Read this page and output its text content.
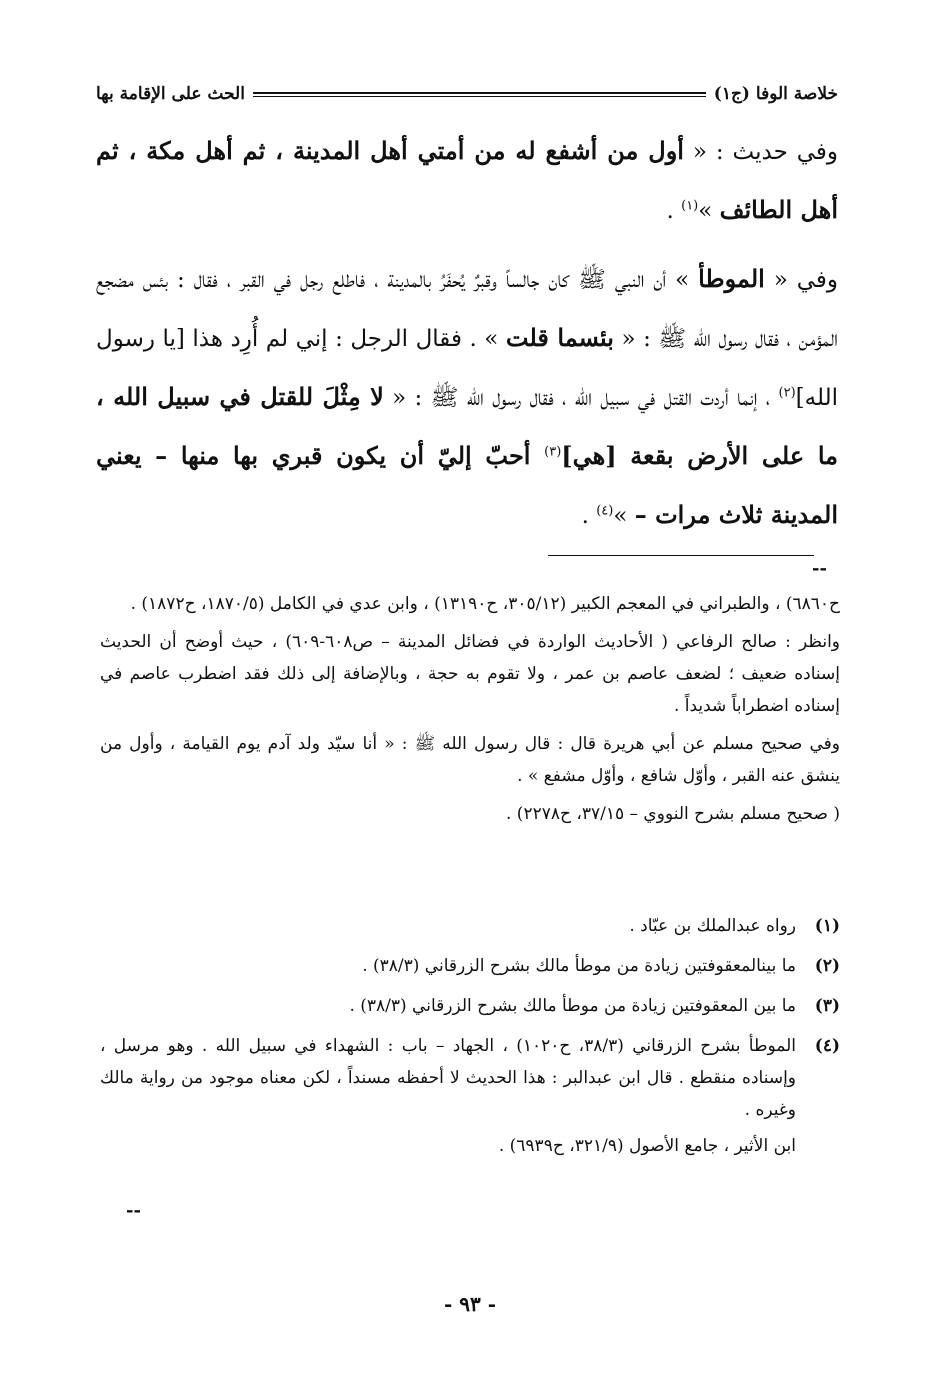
خلاصة الوفا (ج١)
الحث على الإقامة بها

وفي حديث : « أول من أشفع له من أمتي أهل المدينة ، ثم أهل مكة ، ثم أهل الطائف »$^{(١)}$ .

وفي « الموطأ » أن النبي ﷺ كان جالساً وقبرٌ يُحفَرُ بالمدينة ، فاطلع رجل في القبر ، فقال : بئس مضجع المؤمن ، فقال رسول الله ﷺ : « بئسما قلت » . فقال الرجل : إني لم أُرِد هذا [يا رسول الله]$^{(٢)}$ ، إنما أردت القتل في سبيل الله ، فقال رسول الله ﷺ : « لا مِثْلَ للقتل في سبيل الله ، ما على الأرض بقعة [هي]$^{(٣)}$ أحبّ إليّ أن يكون قبري بها منها – يعني المدينة ثلاث مرات – »$^{(٤)}$ .

--

ح٦٨٦٠) ، والطبراني في المعجم الكبير (٣٠٥/١٢، ح١٣١٩٠) ، وابن عدي في الكامل (١٨٧٠/٥، ح١٨٧٢) .

وانظر : صالح الرفاعي ( الأحاديث الواردة في فضائل المدينة – ص٦٠٨-٦٠٩) ، حيث أوضح أن الحديث إسناده ضعيف ؛ لضعف عاصم بن عمر ، ولا تقوم به حجة ، وبالإضافة إلى ذلك فقد اضطرب عاصم في إسناده اضطراباً شديداً .

وفي صحيح مسلم عن أبي هريرة قال : قال رسول الله ﷺ : « أنا سيّد ولد آدم يوم القيامة ، وأول من ينشق عنه القبر ، وأوّل شافع ، وأوّل مشفع » .

( صحيح مسلم بشرح النووي – ٣٧/١٥، ح٢٢٧٨) .

(١)
رواه عبدالملك بن عبّاد .
(٢)
ما بينالمعقوفتين زيادة من موطأ مالك بشرح الزرقاني (٣٨/٣) .
(٣)
ما بين المعقوفتين زيادة من موطأ مالك بشرح الزرقاني (٣٨/٣) .
(٤)
الموطأ بشرح الزرقاني (٣٨/٣، ح١٠٢٠) ، الجهاد – باب : الشهداء في سبيل الله . وهو مرسل ، وإسناده منقطع . قال ابن عبدالبر : هذا الحديث لا أحفظه مسنداً ، لكن معناه موجود من رواية مالك وغيره .
ابن الأثير ، جامع الأصول (٣٢١/٩، ح٦٩٣٩) .
--
- ٩٣ -
